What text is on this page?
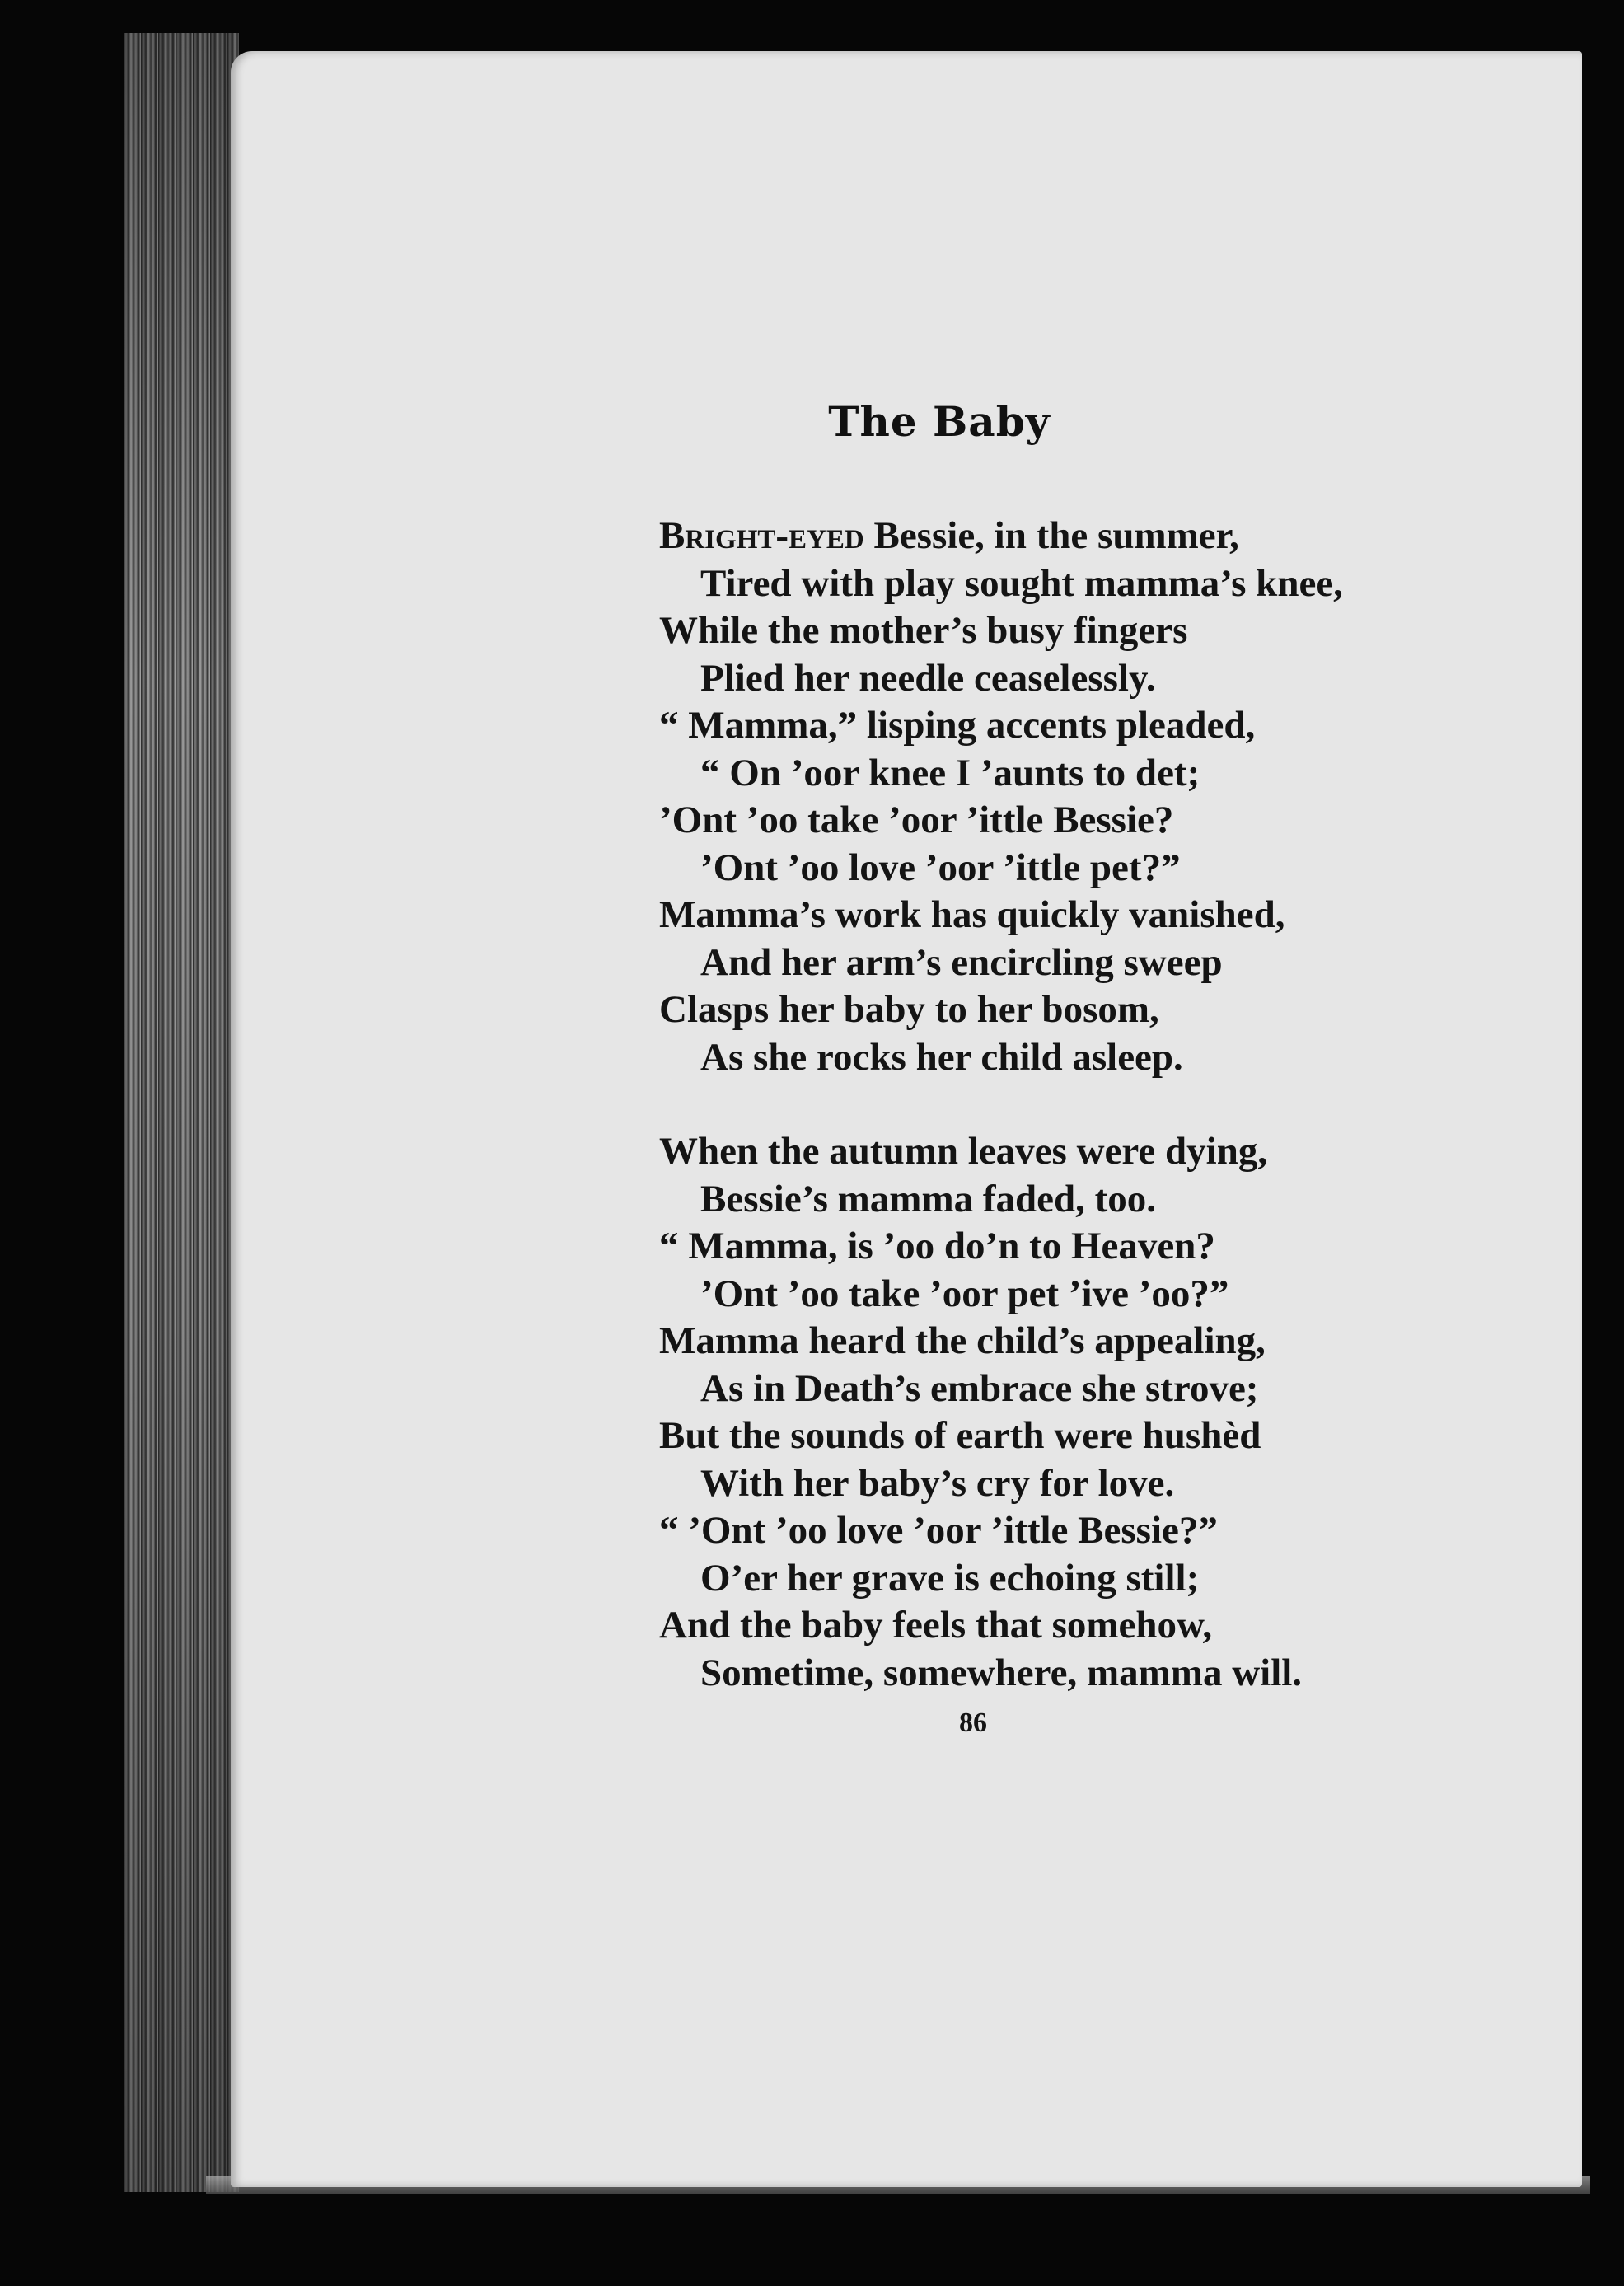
The Baby
Bright-eyed Bessie, in the summer,
Tired with play sought mamma’s knee,
While the mother’s busy fingers
Plied her needle ceaselessly.
“ Mamma,” lisping accents pleaded,
“ On ’oor knee I ’aunts to det;
’Ont ’oo take ’oor ’ittle Bessie?
’Ont ’oo love ’oor ’ittle pet?”
Mamma’s work has quickly vanished,
And her arm’s encircling sweep
Clasps her baby to her bosom,
As she rocks her child asleep.
When the autumn leaves were dying,
Bessie’s mamma faded, too.
“ Mamma, is ’oo do’n to Heaven?
’Ont ’oo take ’oor pet ’ive ’oo?”
Mamma heard the child’s appealing,
As in Death’s embrace she strove;
But the sounds of earth were hushèd
With her baby’s cry for love.
“ ’Ont ’oo love ’oor ’ittle Bessie?”
O’er her grave is echoing still;
And the baby feels that somehow,
Sometime, somewhere, mamma will.
86
